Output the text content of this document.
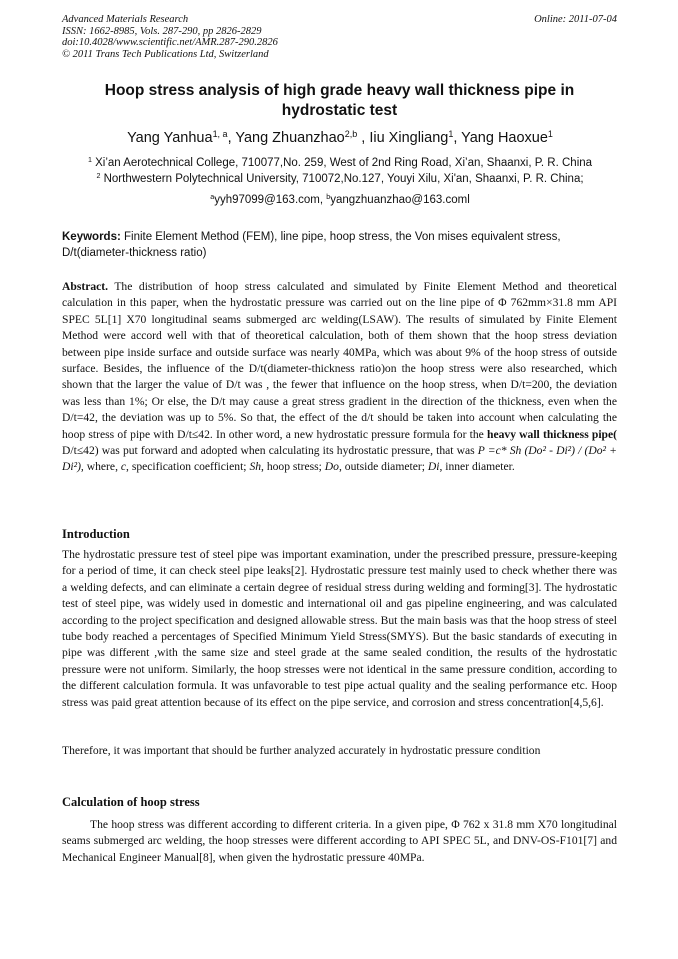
Advanced Materials Research
ISSN: 1662-8985, Vols. 287-290, pp 2826-2829
doi:10.4028/www.scientific.net/AMR.287-290.2826
© 2011 Trans Tech Publications Ltd, Switzerland
Online: 2011-07-04
Hoop stress analysis of high grade heavy wall thickness pipe in hydrostatic test
Yang Yanhua$^{1, a}$, Yang Zhuanzhao$^{2,b}$ , Iiu Xingliang$^1$, Yang Haoxue$^1$
$^1$ Xi’an Aerotechnical College, 710077,No. 259, West of 2nd Ring Road, Xi’an, Shaanxi, P. R. China
$^2$ Northwestern Polytechnical University, 710072,No.127, Youyi Xilu, Xi'an, Shaanxi, P. R. China;
$^a$yyh97099@163.com, $^b$yangzhuanzhao@163.coml
Keywords: Finite Element Method (FEM), line pipe, hoop stress, the Von mises equivalent stress, D/t(diameter-thickness ratio)
Abstract. The distribution of hoop stress calculated and simulated by Finite Element Method and theoretical calculation in this paper, when the hydrostatic pressure was carried out on the line pipe of Φ 762mm×31.8 mm API SPEC 5L[1] X70 longitudinal seams submerged arc welding(LSAW). The results of simulated by Finite Element Method were accord well with that of theoretical calculation, both of them shown that the hoop stress deviation between pipe inside surface and outside surface was nearly 40MPa, which was about 9% of the hoop stress of outside surface. Besides, the influence of the D/t(diameter-thickness ratio)on the hoop stress were also researched, which shown that the larger the value of D/t was , the fewer that influence on the hoop stress, when D/t=200, the deviation was less than 1%; Or else, the D/t may cause a great stress gradient in the direction of the thickness, even when the D/t=42, the deviation was up to 5%. So that, the effect of the d/t should be taken into account when calculating the hoop stress of pipe with D/t≤42. In other word, a new hydrostatic pressure formula for the heavy wall thickness pipe( D/t≤42) was put forward and adopted when calculating its hydrostatic pressure, that was P =c* Sh (Do² - Di²) / (Do² + Di²), where, c, specification coefficient; Sh, hoop stress; Do, outside diameter; Di, inner diameter.
Introduction
The hydrostatic pressure test of steel pipe was important examination, under the prescribed pressure, pressure-keeping for a period of time, it can check steel pipe leaks[2]. Hydrostatic pressure test mainly used to check whether there was a welding defects, and can eliminate a certain degree of residual stress during welding and forming[3]. The hydrostatic test of steel pipe, was widely used in domestic and international oil and gas pipeline engineering, and was calculated according to the project specification and designed allowable stress. But the main basis was that the hoop stress of steel tube body reached a percentages of Specified Minimum Yield Stress(SMYS). But the basic standards of executing in pipe was different ,with the same size and steel grade at the same sealed condition, the results of the hydrostatic pressure were not uniform. Similarly, the hoop stresses were not identical in the same pressure condition, according to the different calculation formula. It was unfavorable to test pipe actual quality and the sealing performance etc. Hoop stress was paid great attention because of its effect on the pipe service, and corrosion and stress concentration[4,5,6].
Therefore, it was important that should be further analyzed accurately in hydrostatic pressure condition
Calculation of hoop stress
The hoop stress was different according to different criteria. In a given pipe, Φ 762 x 31.8 mm X70 longitudinal seams submerged arc welding, the hoop stresses were different according to API SPEC 5L, and DNV-OS-F101[7] and Mechanical Engineer Manual[8], when given the hydrostatic pressure 40MPa.
